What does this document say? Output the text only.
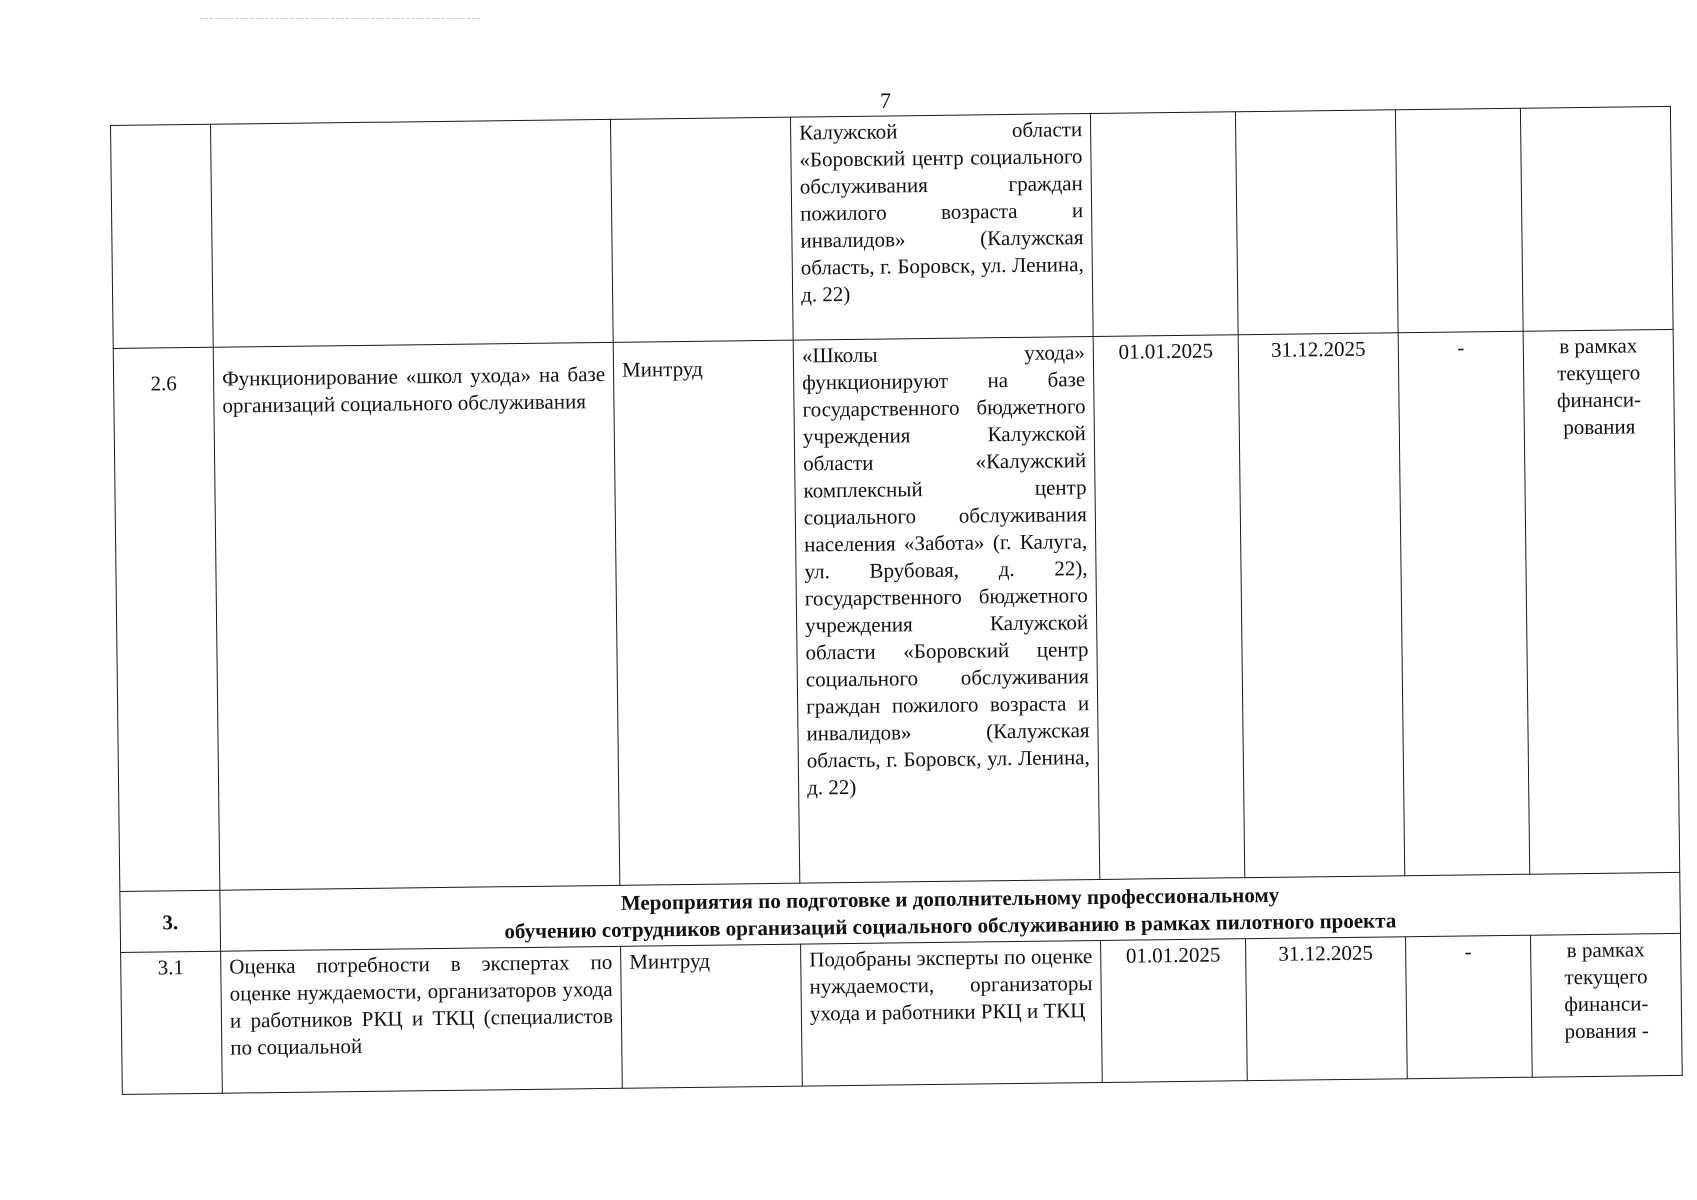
7
			Калужской области «Боровский центр социального обслуживания граждан пожилого возраста и инвалидов» (Калужская область, г. Боровск, ул. Ленина, д. 22)				
2.6	Функционирование «школ ухода» на базе организаций социального обслуживания	Минтруд	«Школы ухода» функционируют на базе государственного бюджетного учреждения Калужской области «Калужский комплексный центр социального обслуживания населения «Забота» (г. Калуга, ул. Врубовая, д. 22), государственного бюджетного учреждения Калужской области «Боровский центр социального обслуживания граждан пожилого возраста и инвалидов» (Калужская область, г. Боровск, ул. Ленина, д. 22)	01.01.2025	31.12.2025	-	в рамках текущего финанси-рования
3.	Мероприятия по подготовке и дополнительному профессиональному
обучению сотрудников организаций социального обслуживанию в рамках пилотного проекта						

3.1	Оценка потребности в экспертах по оценке нуждаемости, организаторов ухода и работников РКЦ и ТКЦ (специалистов по социальной	Минтруд	Подобраны эксперты по оценке нуждаемости, организаторы ухода и работники РКЦ и ТКЦ	01.01.2025	31.12.2025	-	в рамках текущего финанси-рования -
